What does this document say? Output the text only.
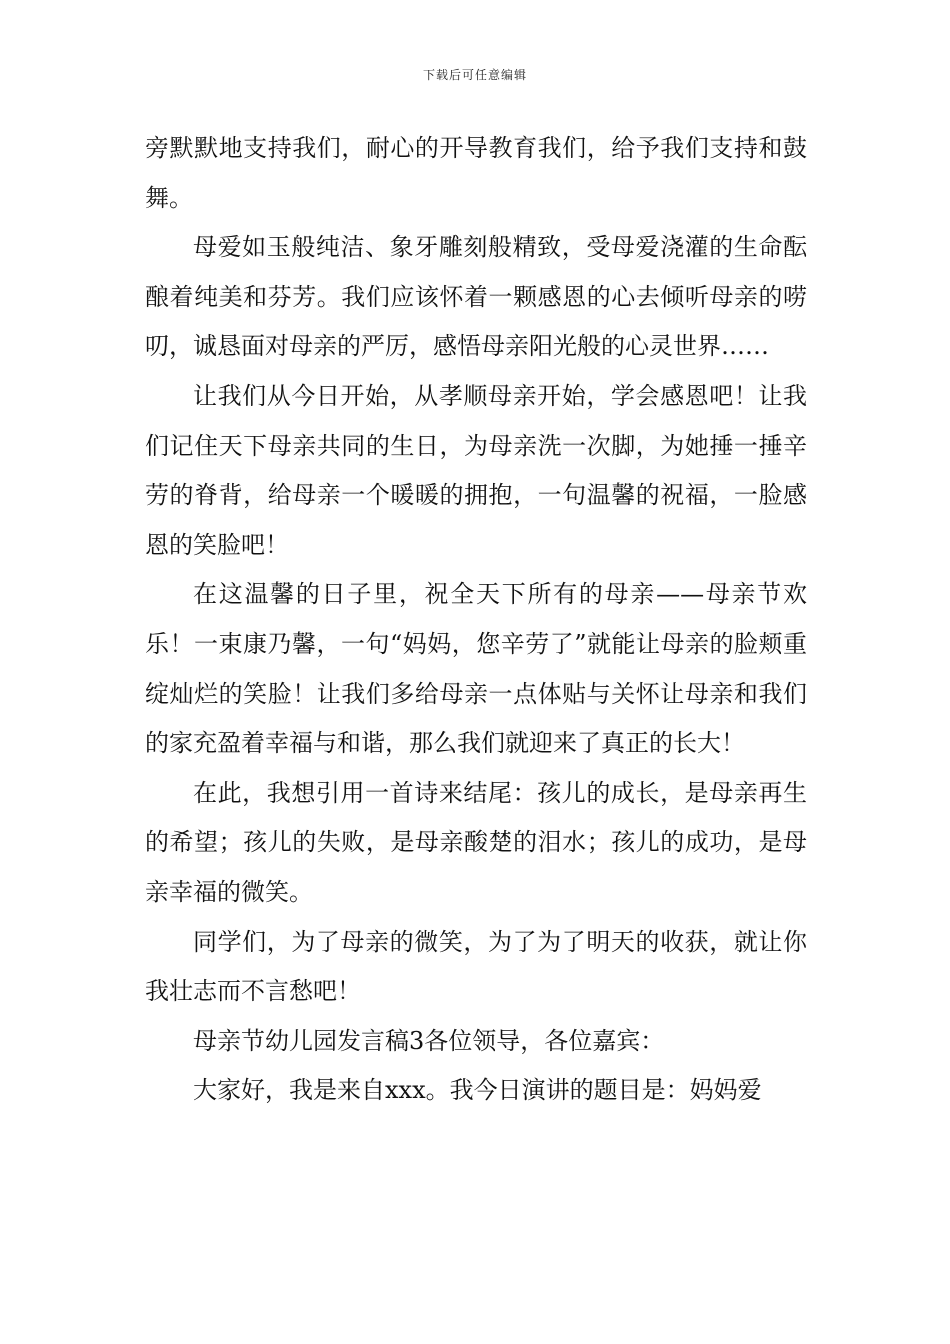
下载后可任意编辑

旁默默地支持我们，耐心的开导教育我们，给予我们支持和鼓舞。

母爱如玉般纯洁、象牙雕刻般精致，受母爱浇灌的生命酝酿着纯美和芬芳。我们应该怀着一颗感恩的心去倾听母亲的唠叨，诚恳面对母亲的严厉，感悟母亲阳光般的心灵世界……

让我们从今日开始，从孝顺母亲开始，学会感恩吧！让我们记住天下母亲共同的生日，为母亲洗一次脚，为她捶一捶辛劳的脊背，给母亲一个暖暖的拥抱，一句温馨的祝福，一脸感恩的笑脸吧！

在这温馨的日子里，祝全天下所有的母亲——母亲节欢乐！一束康乃馨，一句“妈妈，您辛劳了”就能让母亲的脸颊重绽灿烂的笑脸！让我们多给母亲一点体贴与关怀让母亲和我们的家充盈着幸福与和谐，那么我们就迎来了真正的长大！

在此，我想引用一首诗来结尾：孩儿的成长，是母亲再生的希望；孩儿的失败，是母亲酸楚的泪水；孩儿的成功，是母亲幸福的微笑。

同学们，为了母亲的微笑，为了为了明天的收获，就让你我壮志而不言愁吧！

母亲节幼儿园发言稿3各位领导，各位嘉宾：

大家好，我是来自xxx。我今日演讲的题目是：妈妈爱
